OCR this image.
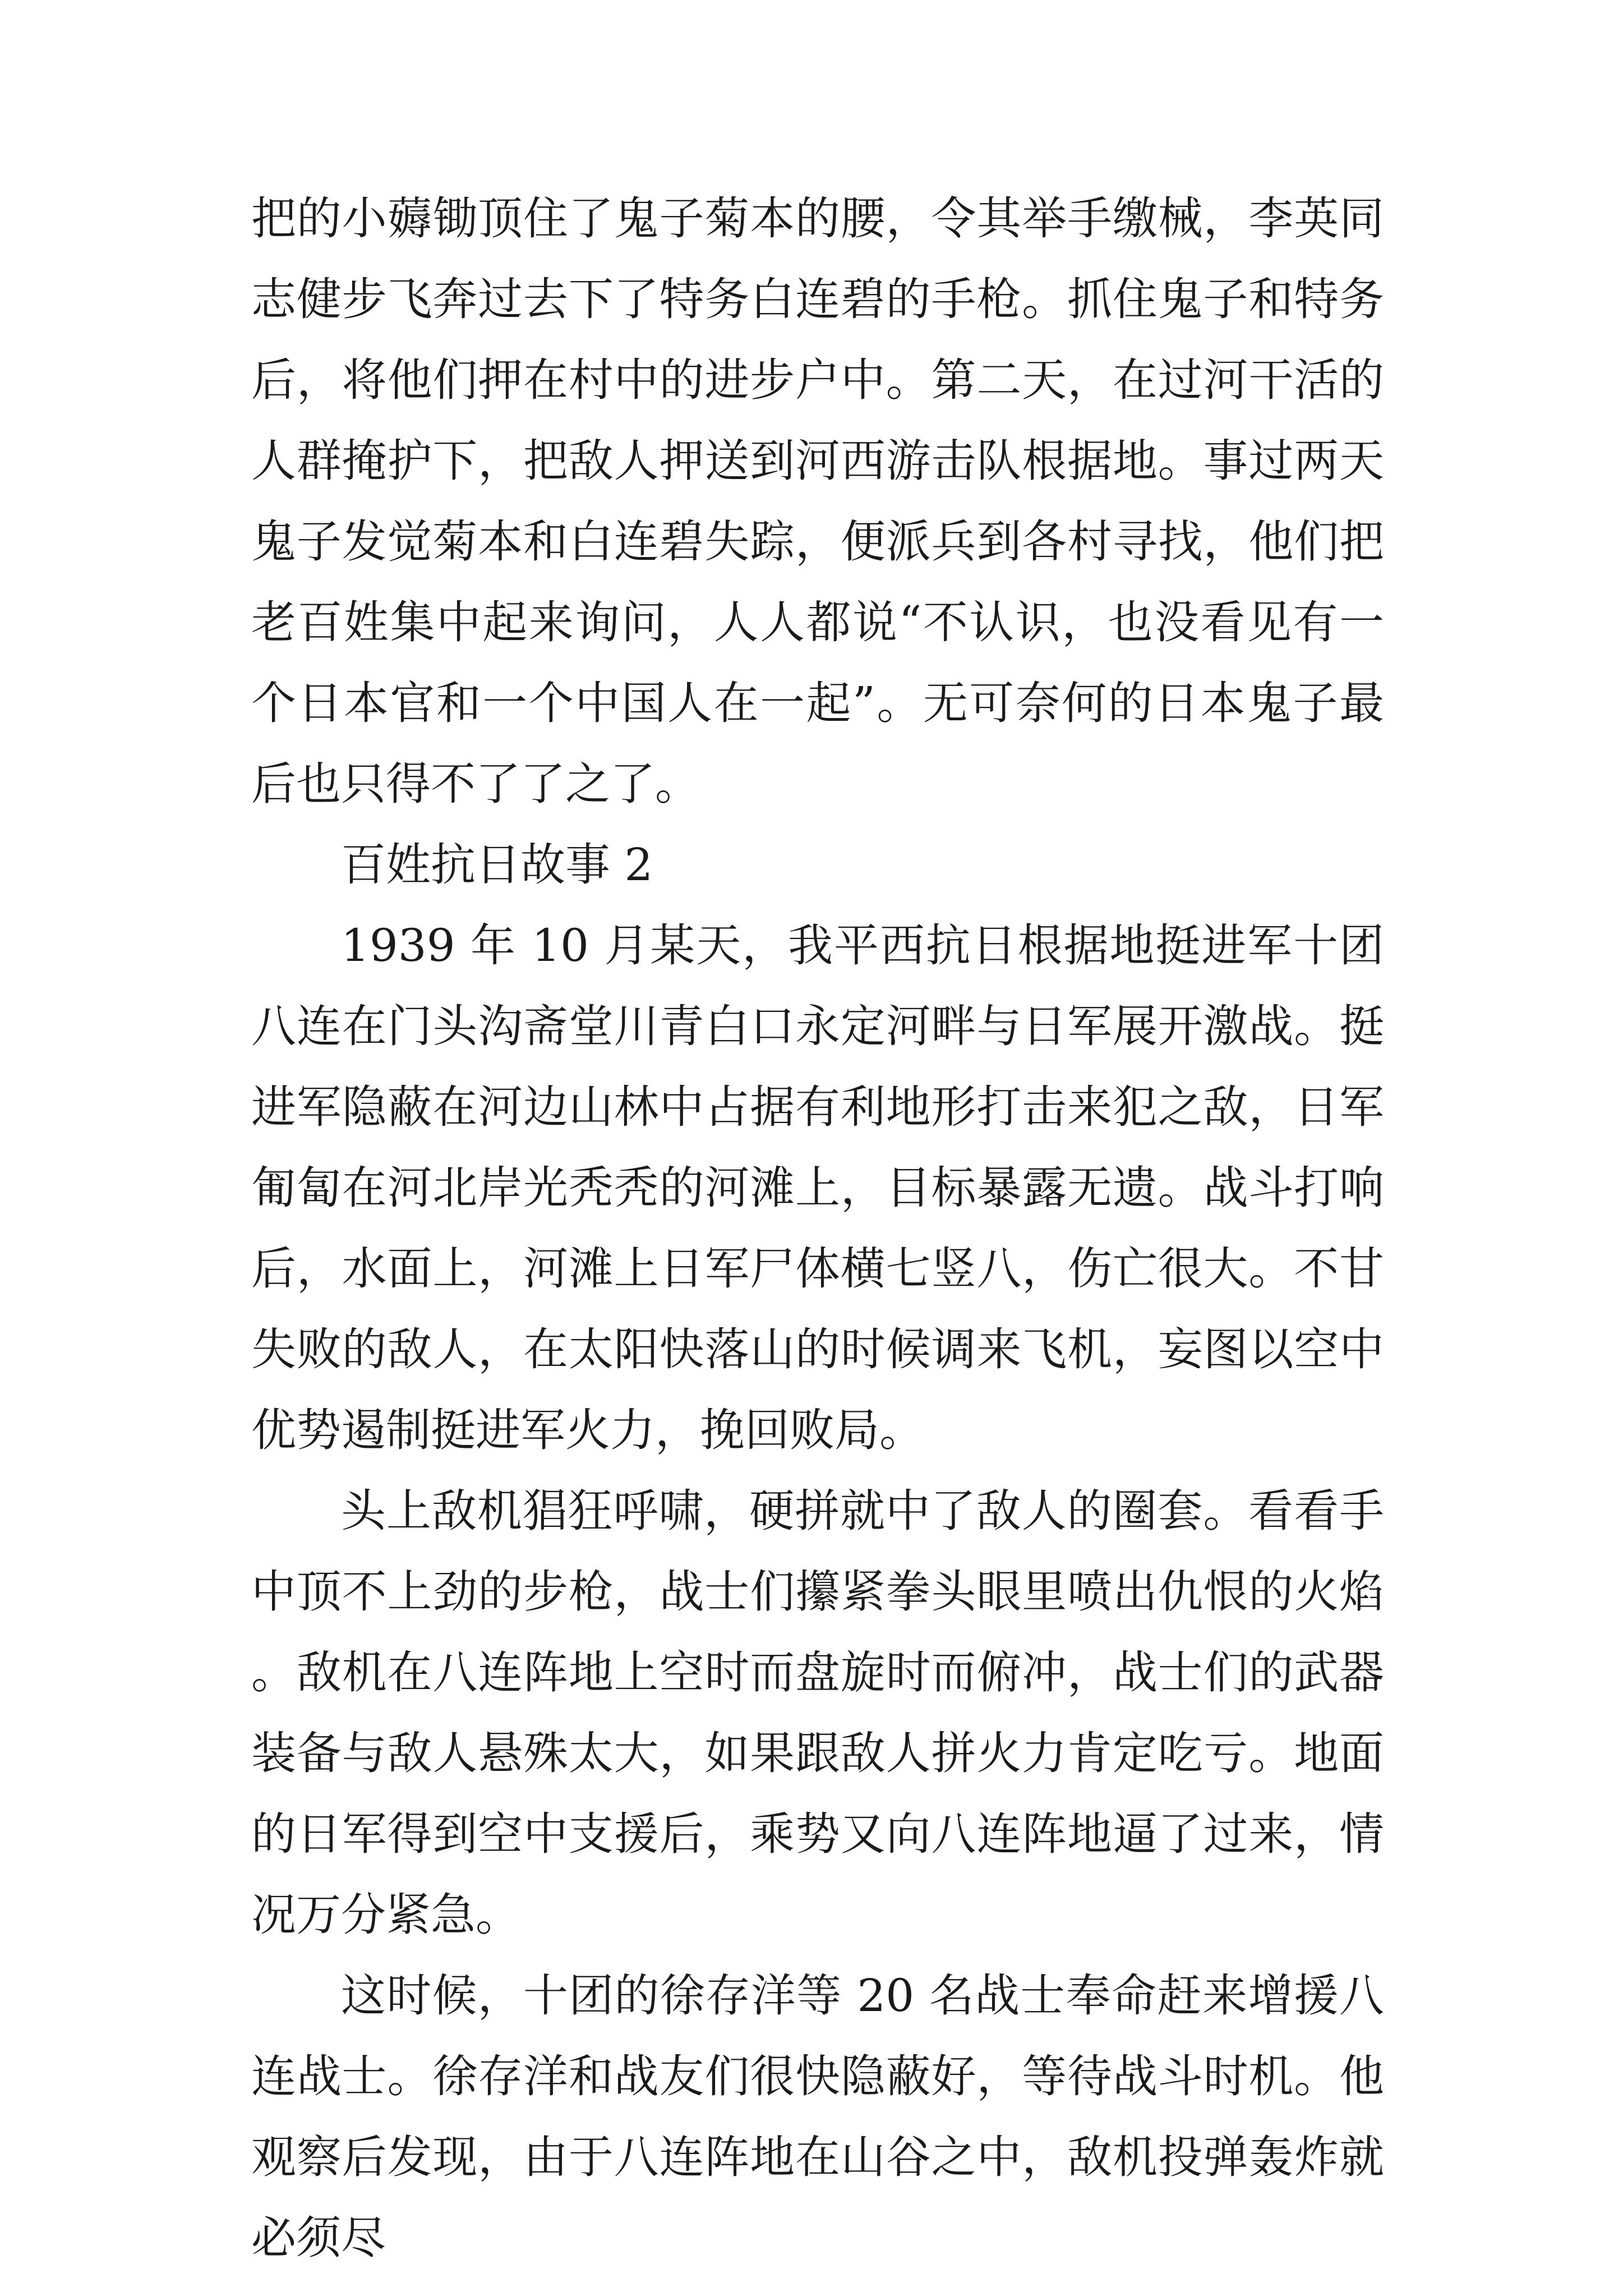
把的小薅锄顶住了鬼子菊本的腰，令其举手缴械，李英同志健步飞奔过去下了特务白连碧的手枪。抓住鬼子和特务后，将他们押在村中的进步户中。第二天，在过河干活的人群掩护下，把敌人押送到河西游击队根据地。事过两天鬼子发觉菊本和白连碧失踪，便派兵到各村寻找，他们把老百姓集中起来询问，人人都说“不认识，也没看见有一个日本官和一个中国人在一起”。无可奈何的日本鬼子最后也只得不了了之了。

百姓抗日故事 2

1939 年 10 月某天，我平西抗日根据地挺进军十团八连在门头沟斋堂川青白口永定河畔与日军展开激战。挺进军隐蔽在河边山林中占据有利地形打击来犯之敌，日军匍匐在河北岸光秃秃的河滩上，目标暴露无遗。战斗打响后，水面上，河滩上日军尸体横七竖八，伤亡很大。不甘失败的敌人，在太阳快落山的时候调来飞机，妄图以空中优势遏制挺进军火力，挽回败局。

头上敌机猖狂呼啸，硬拼就中了敌人的圈套。看看手中顶不上劲的步枪，战士们攥紧拳头眼里喷出仇恨的火焰。敌机在八连阵地上空时而盘旋时而俯冲，战士们的武器装备与敌人悬殊太大，如果跟敌人拼火力肯定吃亏。地面的日军得到空中支援后，乘势又向八连阵地逼了过来，情况万分紧急。

这时候，十团的徐存洋等 20 名战士奉命赶来增援八连战士。徐存洋和战友们很快隐蔽好，等待战斗时机。他观察后发现，由于八连阵地在山谷之中，敌机投弹轰炸就必须尽
